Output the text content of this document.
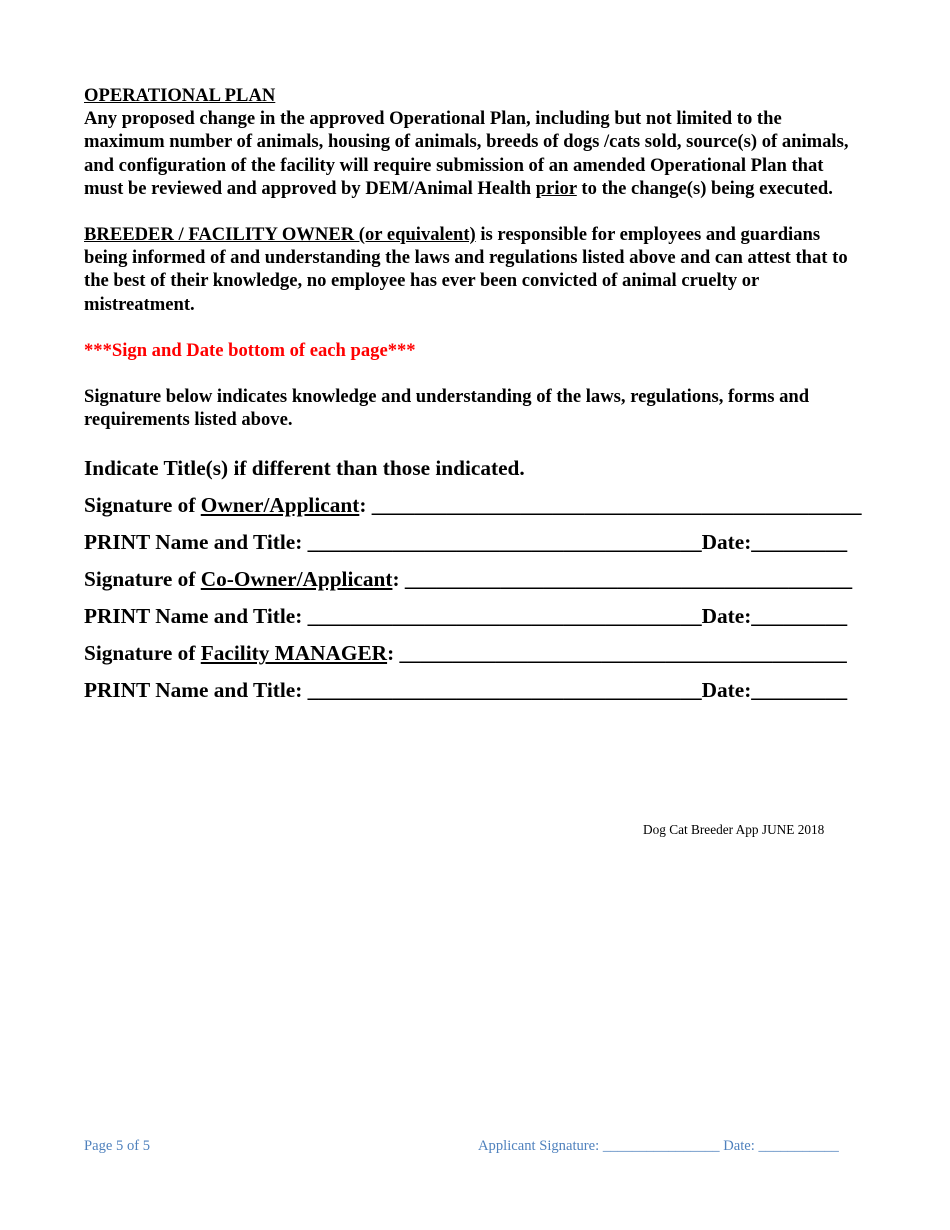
OPERATIONAL PLAN

Any proposed change in the approved Operational Plan, including but not limited to the maximum number of animals, housing of animals, breeds of dogs /cats sold, source(s) of animals, and configuration of the facility will require submission of an amended Operational Plan that must be reviewed and approved by DEM/Animal Health prior to the change(s) being executed.

BREEDER / FACILITY OWNER (or equivalent) is responsible for employees and guardians being informed of and understanding the laws and regulations listed above and can attest that to the best of their knowledge, no employee has ever been convicted of animal cruelty or mistreatment.

***Sign and Date bottom of each page***

Signature below indicates knowledge and understanding of the laws, regulations, forms and requirements listed above.

Indicate Title(s) if different than those indicated.

Signature of Owner/Applicant: ______________________________________________

PRINT Name and Title: _____________________________________Date:_________

Signature of Co-Owner/Applicant: __________________________________________

PRINT Name and Title: _____________________________________Date:_________

Signature of Facility MANAGER: __________________________________________

PRINT Name and Title: _____________________________________Date:_________

Dog Cat Breeder App JUNE 2018
Page 5 of 5	Applicant Signature: ________________ Date: ___________
